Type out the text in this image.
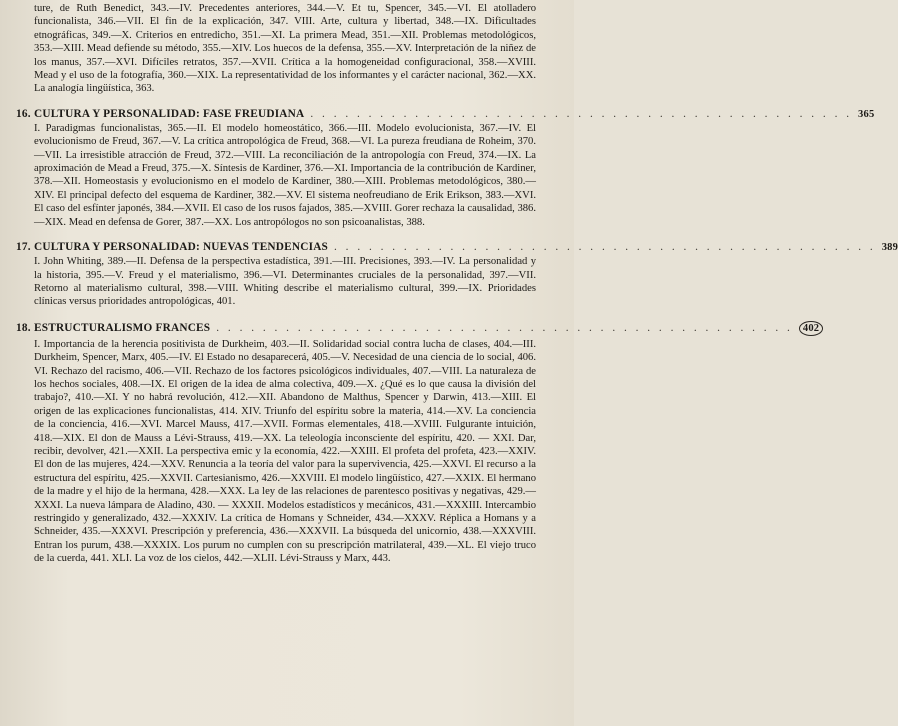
ture, de Ruth Benedict, 343.—IV. Precedentes anteriores, 344.—V. Et tu, Spencer, 345.—VI. El atolladero funcionalista, 346.—VII. El fin de la explicación, 347. VIII. Arte, cultura y libertad, 348.—IX. Dificultades etnográficas, 349.—X. Criterios en entredicho, 351.—XI. La primera Mead, 351.—XII. Problemas metodológicos, 353.—XIII. Mead defiende su método, 355.—XIV. Los huecos de la defensa, 355.—XV. Interpretación de la niñez de los manus, 357.—XVI. Difíciles retratos, 357.—XVII. Crítica a la homogeneidad configuracional, 358.—XVIII. Mead y el uso de la fotografía, 360.—XIX. La representatividad de los informantes y el carácter nacional, 362.—XX. La analogía lingüística, 363.
16. CULTURA Y PERSONALIDAD: FASE FREUDIANA . . . . . . . . . . . . . . . . . . . . . . . . . . . . . . . . . . . . . . . . . . . . . . . 365
I. Paradigmas funcionalistas, 365.—II. El modelo homeostático, 366.—III. Modelo evolucionista, 367.—IV. El evolucionismo de Freud, 367.—V. La crítica antropológica de Freud, 368.—VI. La pureza freudiana de Roheim, 370.—VII. La irresistible atracción de Freud, 372.—VIII. La reconciliación de la antropología con Freud, 374.—IX. La aproximación de Mead a Freud, 375.—X. Síntesis de Kardiner, 376.—XI. Importancia de la contribución de Kardiner, 378.—XII. Homeostasis y evolucionismo en el modelo de Kardiner, 380.—XIII. Problemas metodológicos, 380.—XIV. El principal defecto del esquema de Kardiner, 382.—XV. El sistema neofreudiano de Erik Erikson, 383.—XVI. El caso del esfínter japonés, 384.—XVII. El caso de los rusos fajados, 385.—XVIII. Gorer rechaza la causalidad, 386.—XIX. Mead en defensa de Gorer, 387.—XX. Los antropólogos no son psicoanalistas, 388.
17. CULTURA Y PERSONALIDAD: NUEVAS TENDENCIAS . . . . . . . . . . . . . . . . . . . . . . . . . . . . . . . . . . . . . . . . . . . . . . . 389
I. John Whiting, 389.—II. Defensa de la perspectiva estadística, 391.—III. Precisiones, 393.—IV. La personalidad y la historia, 395.—V. Freud y el materialismo, 396.—VI. Determinantes cruciales de la personalidad, 397.—VII. Retorno al materialismo cultural, 398.—VIII. Whiting describe el materialismo cultural, 399.—IX. Prioridades clínicas versus prioridades antropológicas, 401.
18. ESTRUCTURALISMO FRANCES . . . . . . . . . . . . . . . . . . . . . . . . . . . . . . . . . . . . . . . . . . . . . . . . . . 402
I. Importancia de la herencia positivista de Durkheim, 403.—II. Solidaridad social contra lucha de clases, 404.—III. Durkheim, Spencer, Marx, 405.—IV. El Estado no desaparecerá, 405.—V. Necesidad de una ciencia de lo social, 406. VI. Rechazo del racismo, 406.—VII. Rechazo de los factores psicológicos individuales, 407.—VIII. La naturaleza de los hechos sociales, 408.—IX. El origen de la idea de alma colectiva, 409.—X. ¿Qué es lo que causa la división del trabajo?, 410.—XI. Y no habrá revolución, 412.—XII. Abandono de Malthus, Spencer y Darwin, 413.—XIII. El origen de las explicaciones funcionalistas, 414. XIV. Triunfo del espíritu sobre la materia, 414.—XV. La conciencia de la conciencia, 416.—XVI. Marcel Mauss, 417.—XVII. Formas elementales, 418.—XVIII. Fulgurante intuición, 418.—XIX. El don de Mauss a Lévi-Strauss, 419.—XX. La teleología inconsciente del espíritu, 420. — XXI. Dar, recibir, devolver, 421.—XXII. La perspectiva emic y la economía, 422.—XXIII. El profeta del profeta, 423.—XXIV. El don de las mujeres, 424.—XXV. Renuncia a la teoría del valor para la supervivencia, 425.—XXVI. El recurso a la estructura del espíritu, 425.—XXVII. Cartesianismo, 426.—XXVIII. El modelo lingüístico, 427.—XXIX. El hermano de la madre y el hijo de la hermana, 428.—XXX. La ley de las relaciones de parentesco positivas y negativas, 429.—XXXI. La nueva lámpara de Aladino, 430. — XXXII. Modelos estadísticos y mecánicos, 431.—XXXIII. Intercambio restringido y generalizado, 432.—XXXIV. La crítica de Homans y Schneider, 434.—XXXV. Réplica a Homans y a Schneider, 435.—XXXVI. Prescripción y preferencia, 436.—XXXVII. La búsqueda del unicornio, 438.—XXXVIII. Entran los purum, 438.—XXXIX. Los purum no cumplen con su prescripción matrilateral, 439.—XL. El viejo truco de la cuerda, 441. XLI. La voz de los cielos, 442.—XLII. Lévi-Strauss y Marx, 443.
